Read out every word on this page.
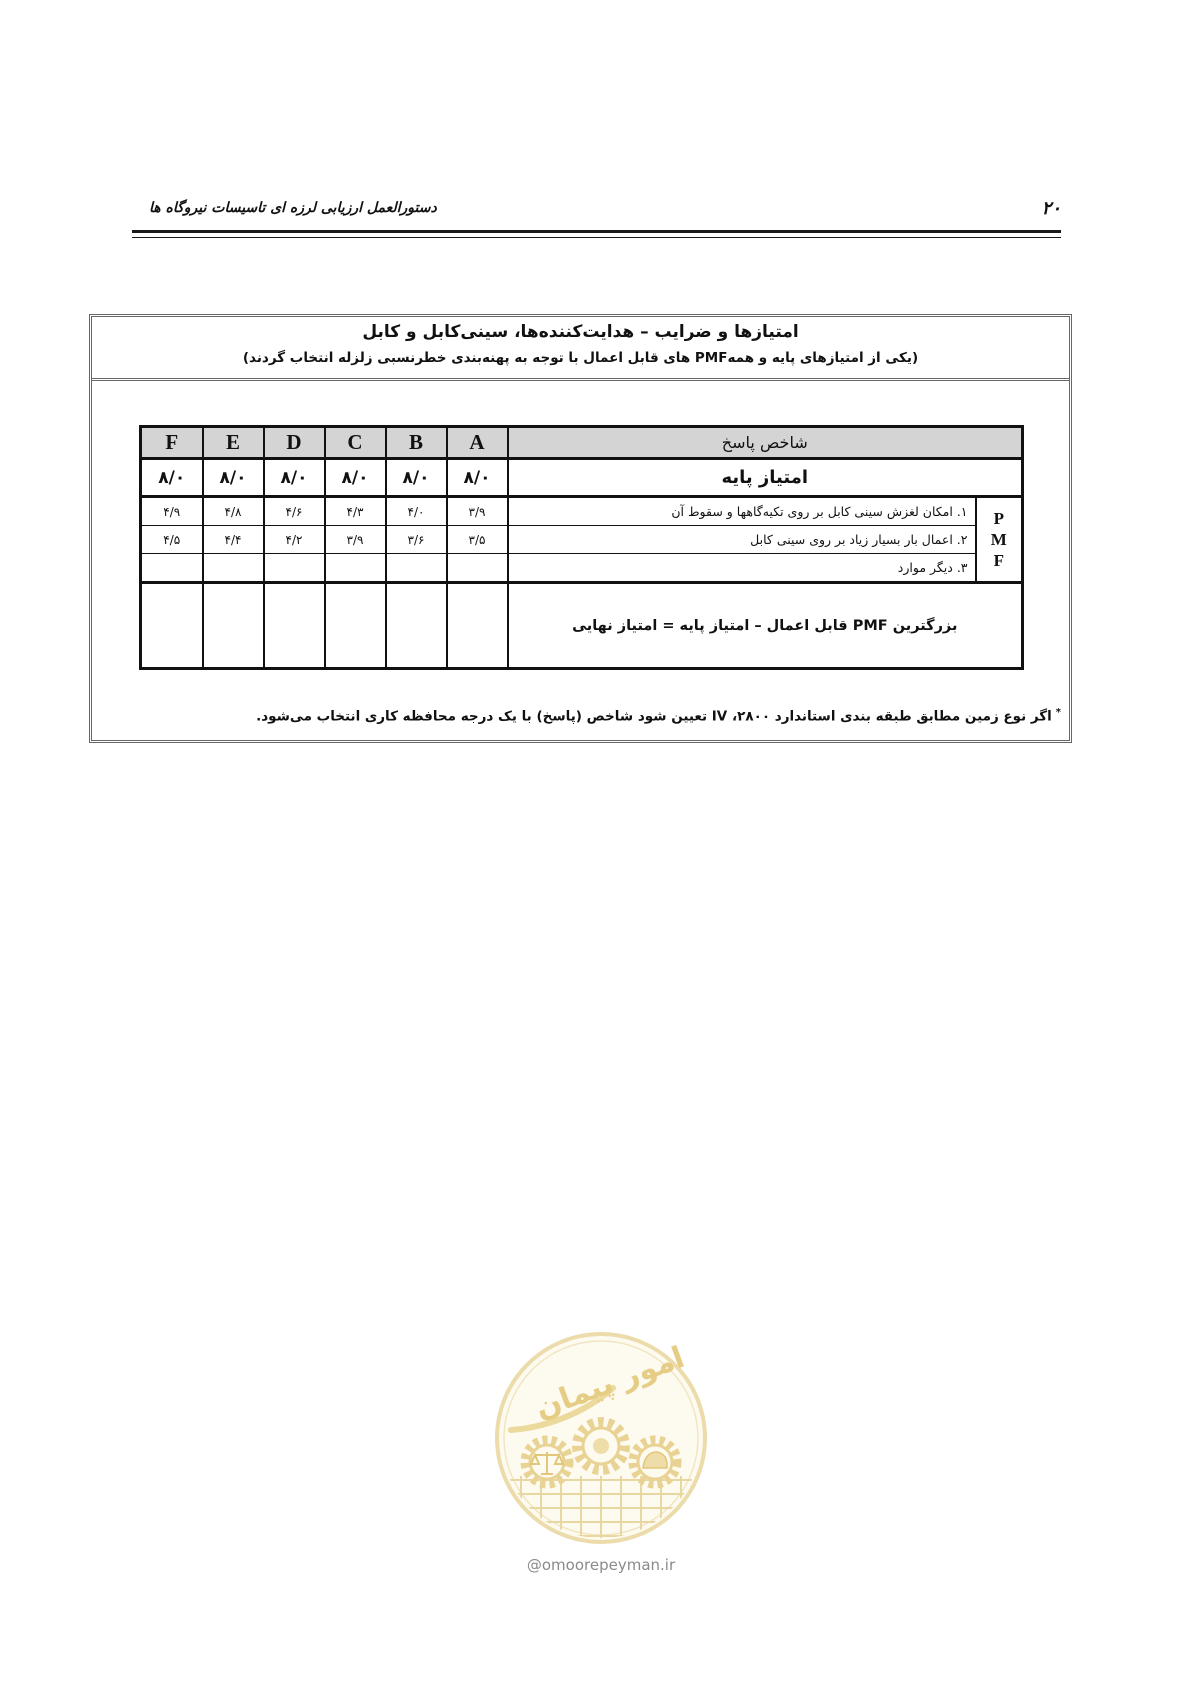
۲۰
دستورالعمل ارزیابی لرزه ای تاسیسات نیروگاه ها
امتیازها و ضرایب – هدایت‌کننده‌ها، سینی‌کابل و کابل
(یکی از امتیازهای پایه و همهPMF های قابل اعمال با توجه به پهنه‌بندی خطرنسبی زلزله انتخاب گردند)
شاخص پاسخ		A	B	C	D	E	F
امتیاز پایه		۸/۰	۸/۰	۸/۰	۸/۰	۸/۰	۸/۰

P
M
F	۱. امکان لغزش سینی کابل بر روی تکیه‌گاهها و سقوط آن	۳/۹	۴/۰	۴/۳	۴/۶	۴/۸	۴/۹
	۲. اعمال بار بسیار زیاد بر روی سینی کابل	۳/۵	۳/۶	۳/۹	۴/۲	۴/۴	۴/۵
	۳. دیگر موارد						
بزرگترین PMF قابل اعمال – امتیاز پایه = امتیاز نهایی							
*اگر نوع زمین مطابق طبقه بندی استاندارد ۲۸۰۰، IV تعیین شود شاخص (پاسخ) با یک درجه محافظه کاری انتخاب می‌شود.
امور پیمان
@omoorepeyman.ir
